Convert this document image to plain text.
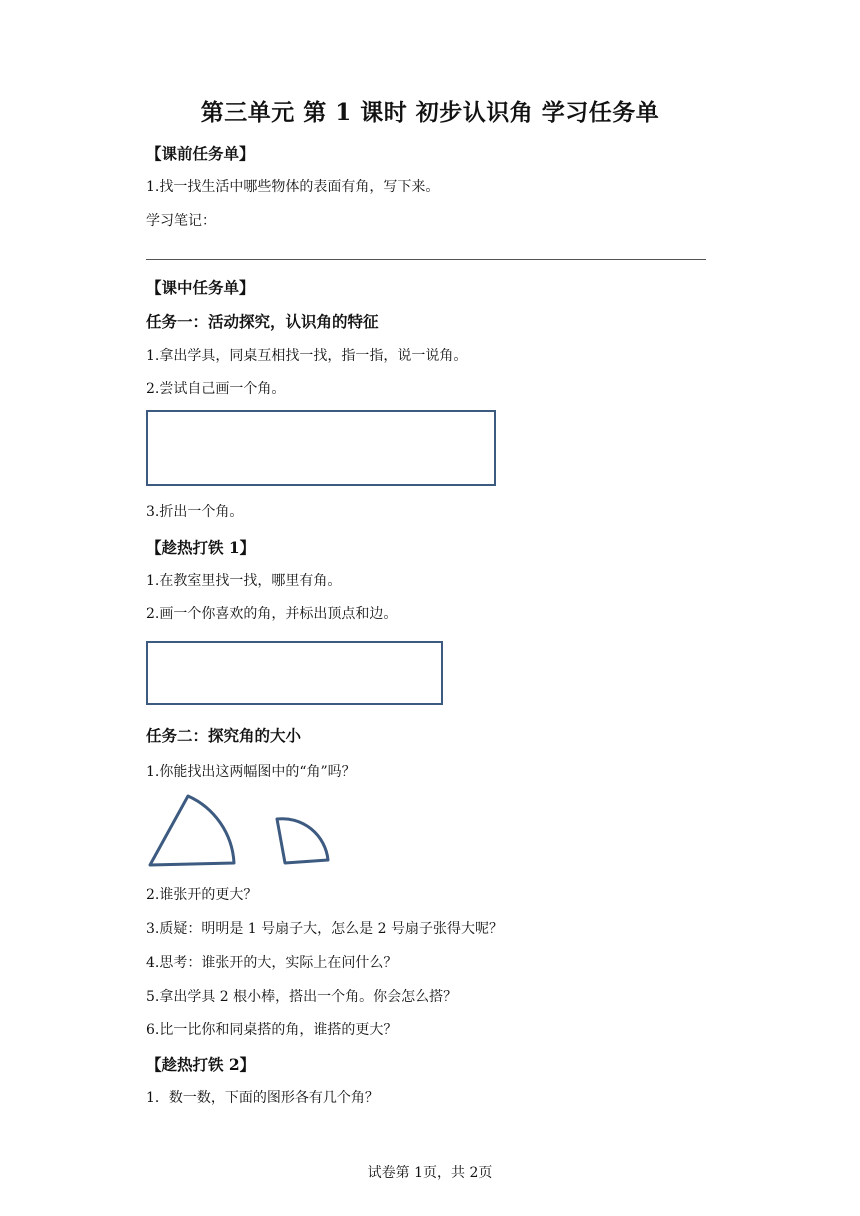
第三单元 第 1 课时 初步认识角 学习任务单
【课前任务单】
1.找一找生活中哪些物体的表面有角，写下来。
学习笔记：
【课中任务单】
任务一：活动探究，认识角的特征
1.拿出学具，同桌互相找一找，指一指，说一说角。
2.尝试自己画一个角。
3.折出一个角。
【趁热打铁 1】
1.在教室里找一找，哪里有角。
2.画一个你喜欢的角，并标出顶点和边。
任务二：探究角的大小
1.你能找出这两幅图中的“角”吗？
2.谁张开的更大？
3.质疑：明明是 1 号扇子大，怎么是 2 号扇子张得大呢？
4.思考：谁张开的大，实际上在问什么？
5.拿出学具 2 根小棒，搭出一个角。你会怎么搭？
6.比一比你和同桌搭的角，谁搭的更大？
【趁热打铁 2】
1．数一数，下面的图形各有几个角？
试卷第 1页，共 2页
